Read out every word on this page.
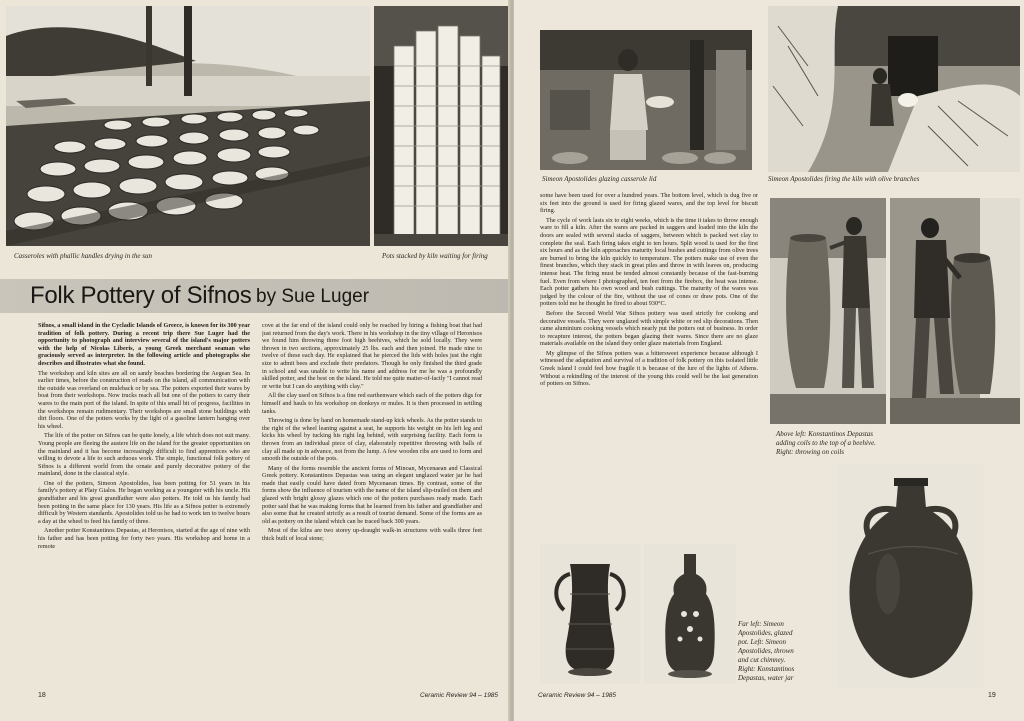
Casseroles with phallic handles drying in the sun	Pots stacked by kiln waiting for firing
Folk Pottery of Sifnos by Sue Luger

Sifnos, a small island in the Cycladic Islands of Greece, is known for its 300 year tradition of folk pottery. During a recent trip there Sue Luger had the opportunity to photograph and interview several of the island's major potters with the help of Nicolas Liberis, a young Greek merchant seaman who graciously served as interpreter. In the following article and photographs she describes and illustrates what she found.

The workshop and kiln sites are all on sandy beaches bordering the Aegean Sea. In earlier times, before the construction of roads on the island, all communication with the outside was overland on muleback or by sea. The potters exported their wares by boat from their workshops. Now trucks reach all but one of the potters to carry their wares to the main port of the island. In spite of this small bit of progress, facilities in the workshops remain rudimentary. Their workshops are small stone buildings with dirt floors. One of the potters works by the light of a gasoline lantern hanging over his wheel.

The life of the potter on Sifnos can be quite lonely, a life which does not suit many. Young people are fleeing the austere life on the island for the greater opportunities on the mainland and it has become increasingly difficult to find apprentices who are willing to devote a life to such arduous work. The simple, functional folk pottery of Sifnos is a different world from the ornate and purely decorative pottery of the mainland, done in the classical style.

One of the potters, Simeon Apostolides, has been potting for 51 years in his family's pottery at Platy Gialos. He began working as a youngster with his uncle. His grandfather and his great grandfather were also potters. He told us his family had been potting in the same place for 130 years. His life as a Sifnos potter is extremely difficult by Western standards. Apostolides told us he had to work ten to twelve hours a day at the wheel to feed his family of three.

Another potter Konstantinos Depastas, at Heronisos, started at the age of nine with his father and has been potting for forty two years. His workshop and home in a remote

cove at the far end of the island could only be reached by hiring a fishing boat that had just returned from the day's work. There in his workshop in the tiny village of Heronisos we found him throwing three foot high beehives, which he sold locally. They were thrown in two sections, approximately 25 lbs. each and then joined. He made nine to twelve of these each day. He explained that he pierced the lids with holes just the right size to admit bees and exclude their predators. Though he only finished the third grade in school and was unable to write his name and address for me he was a profoundly skilled potter, and the best on the island. He told me quite matter-of-factly "I cannot read or write but I can do anything with clay."

All the clay used on Sifnos is a fine red earthenware which each of the potters digs for himself and hauls to his workshop on donkeys or mules. It is then processed in settling tanks.

Throwing is done by hand on homemade stand-up kick wheels. As the potter stands to the right of the wheel leaning against a seat, he supports his weight on his left leg and kicks his wheel by tucking his right leg behind, with surprising facility. Each form is thrown from an individual piece of clay, elaborately repetitive throwing with balls of clay all made up in advance, not from the lump. A few wooden ribs are used to form and smooth the outside of the pots.

Many of the forms resemble the ancient forms of Minoan, Mycenaean and Classical Greek pottery. Konstantinos Depastas was using an elegant unglazed water jar he had made that easily could have dated from Mycenaean times. By contrast, some of the forms show the influence of tourism with the name of the island slip-trailed on them and glazed with bright glossy glazes which one of the potters purchases ready made. Each potter said that he was making forms that he learned from his father and grandfather and also some that he created strictly as a result of tourist demand. Some of the forms are as old as pottery on the island which can be traced back 300 years.

Most of the kilns are two storey up-draught walk-in structures with walls three feet thick built of local stone;

18	Ceramic Review 94 – 1985
Simeon Apostolides glazing casserole lid	Simeon Apostolides firing the kiln with olive branches

some have been used for over a hundred years. The bottom level, which is dug five or six feet into the ground is used for firing glazed wares, and the top level for biscuit firing.

The cycle of work lasts six to eight weeks, which is the time it takes to throw enough ware to fill a kiln. After the wares are packed in saggers and loaded into the kiln the doors are sealed with several stacks of saggers, between which is packed wet clay to complete the seal. Each firing takes eight to ten hours. Split wood is used for the first six hours and as the kiln approaches maturity local bushes and cuttings from olive trees are burned to bring the kiln quickly to temperature. The potters make use of even the finest branches, which they stack in great piles and throw in with leaves on, producing intense heat. The firing must be tended almost constantly because of the fast-burning fuel. Even from where I photographed, ten feet from the firebox, the heat was intense. Each potter gathers his own wood and bush cuttings. The maturity of the wares was judged by the colour of the fire, without the use of cones or draw pots. One of the potters told me he thought he fired to about 930°C.

Before the Second World War Sifnos pottery was used strictly for cooking and decorative vessels. They were unglazed with simple white or red slip decorations. Then came aluminium cooking vessels which nearly put the potters out of business. In order to recapture interest, the potters began glazing their wares. Since there are no glaze materials available on the island they order glaze materials from England.

My glimpse of the Sifnos potters was a bittersweet experience because although I witnessed the adaptation and survival of a tradition of folk pottery on this isolated little Greek island I could feel how fragile it is because of the lure of the lights of Athens. Without a rekindling of the interest of the young this could well be the last generation of potters on Sifnos.

Above left: Konstantinos Depastas
adding coils to the top of a beehive.
Right: throwing on coils
Far left: Simeon
Apostolides, glazed
pot. Left: Simeon
Apostolides, thrown
and cut chimney.
Right: Konstantinos
Depastas, water jar
Ceramic Review 94 – 1985	19
